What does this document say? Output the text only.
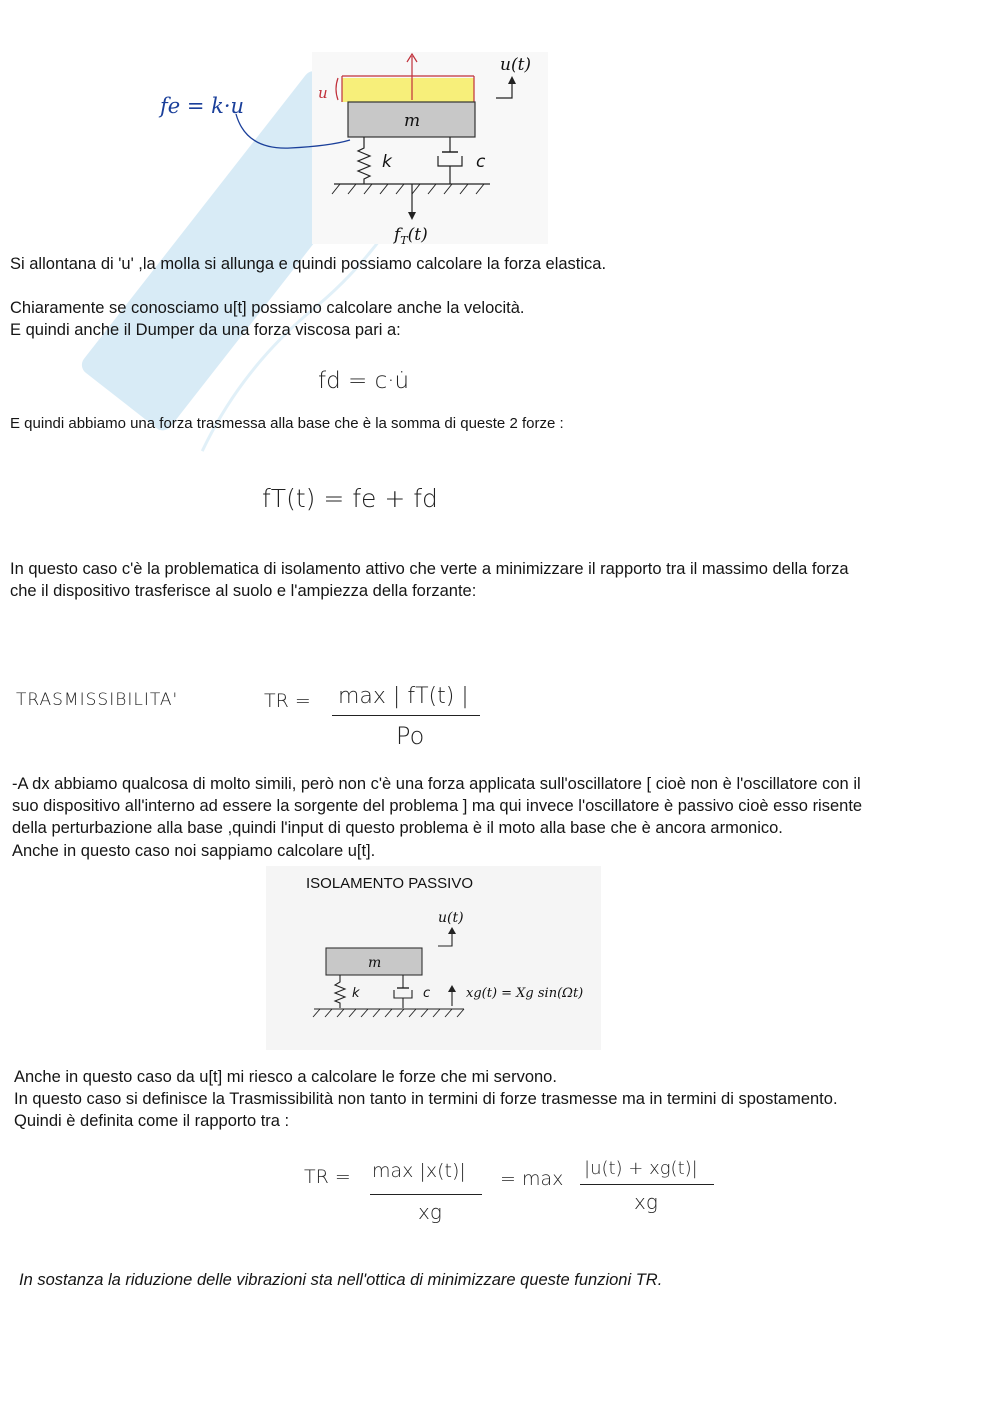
u
m
k	c
u(t)
$f_T(t)$
fe = k·u
Si allontana di 'u' ,la molla si allunga e quindi possiamo calcolare la forza elastica.
Chiaramente se conosciamo u[t] possiamo calcolare anche la velocità.
E quindi anche il Dumper da una forza viscosa pari a:
fd = c·u̇
E quindi abbiamo una forza trasmessa alla base che è la somma di queste 2 forze :
fT(t) = fe + fd
In questo caso c'è la problematica di isolamento attivo che verte a minimizzare il rapporto tra il massimo della forza
che il dispositivo trasferisce al suolo e l'ampiezza della forzante:
TRASMISSIBILITA'	TR = max | fT(t) |
Po
-A dx abbiamo qualcosa di molto simili, però non c'è una forza applicata sull'oscillatore [ cioè non è l'oscillatore con il
suo dispositivo all'interno ad essere la sorgente del problema ] ma qui invece l'oscillatore è passivo cioè esso risente
della perturbazione alla base ,quindi l'input di questo problema è il moto alla base che è ancora armonico.
Anche in questo caso noi sappiamo calcolare u[t].
ISOLAMENTO PASSIVO
u(t)
m
k	c	xg(t) = Xg sin(Ωt)
Anche in questo caso da u[t] mi riesco a calcolare le forze che mi servono.
In questo caso si definisce la Trasmissibilità non tanto in termini di forze trasmesse ma in termini di spostamento.
Quindi è definita come il rapporto tra :
TR = max |x(t)|
xg
= max |u(t) + xg(t)|
xg
In sostanza la riduzione delle vibrazioni sta nell'ottica di minimizzare queste funzioni TR.
